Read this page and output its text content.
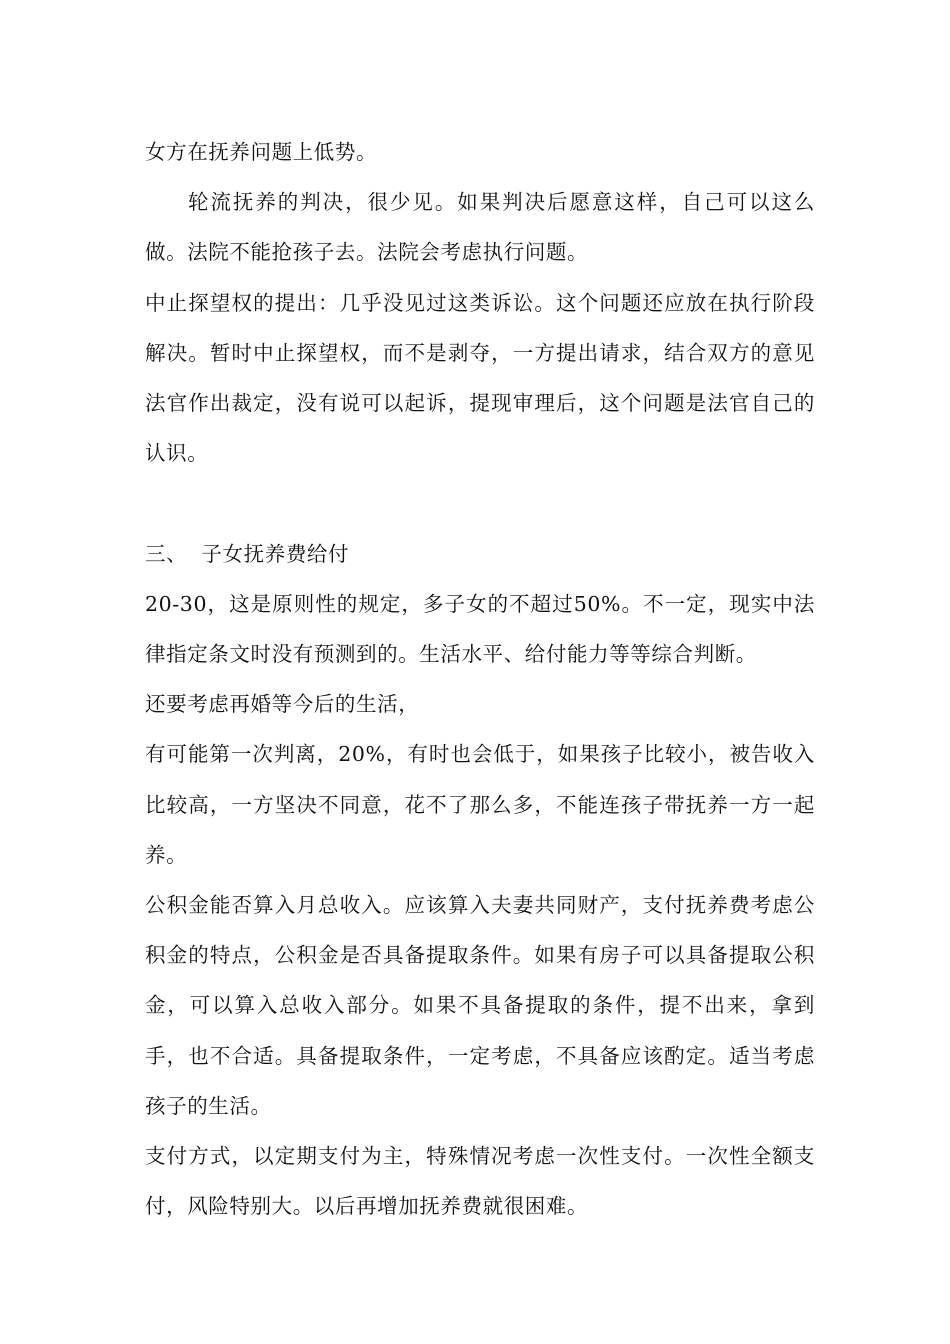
女方在抚养问题上低势。

轮流抚养的判决，很少见。如果判决后愿意这样，自己可以这么做。法院不能抢孩子去。法院会考虑执行问题。

中止探望权的提出：几乎没见过这类诉讼。这个问题还应放在执行阶段解决。暂时中止探望权，而不是剥夺，一方提出请求，结合双方的意见法官作出裁定，没有说可以起诉，提现审理后，这个问题是法官自己的认识。

三、  子女抚养费给付

20-30，这是原则性的规定，多子女的不超过50%。不一定，现实中法律指定条文时没有预测到的。生活水平、给付能力等等综合判断。

还要考虑再婚等今后的生活，

有可能第一次判离，20%，有时也会低于，如果孩子比较小，被告收入比较高，一方坚决不同意，花不了那么多，不能连孩子带抚养一方一起养。

公积金能否算入月总收入。应该算入夫妻共同财产，支付抚养费考虑公积金的特点，公积金是否具备提取条件。如果有房子可以具备提取公积金，可以算入总收入部分。如果不具备提取的条件，提不出来，拿到手，也不合适。具备提取条件，一定考虑，不具备应该酌定。适当考虑孩子的生活。

支付方式，以定期支付为主，特殊情况考虑一次性支付。一次性全额支付，风险特别大。以后再增加抚养费就很困难。
